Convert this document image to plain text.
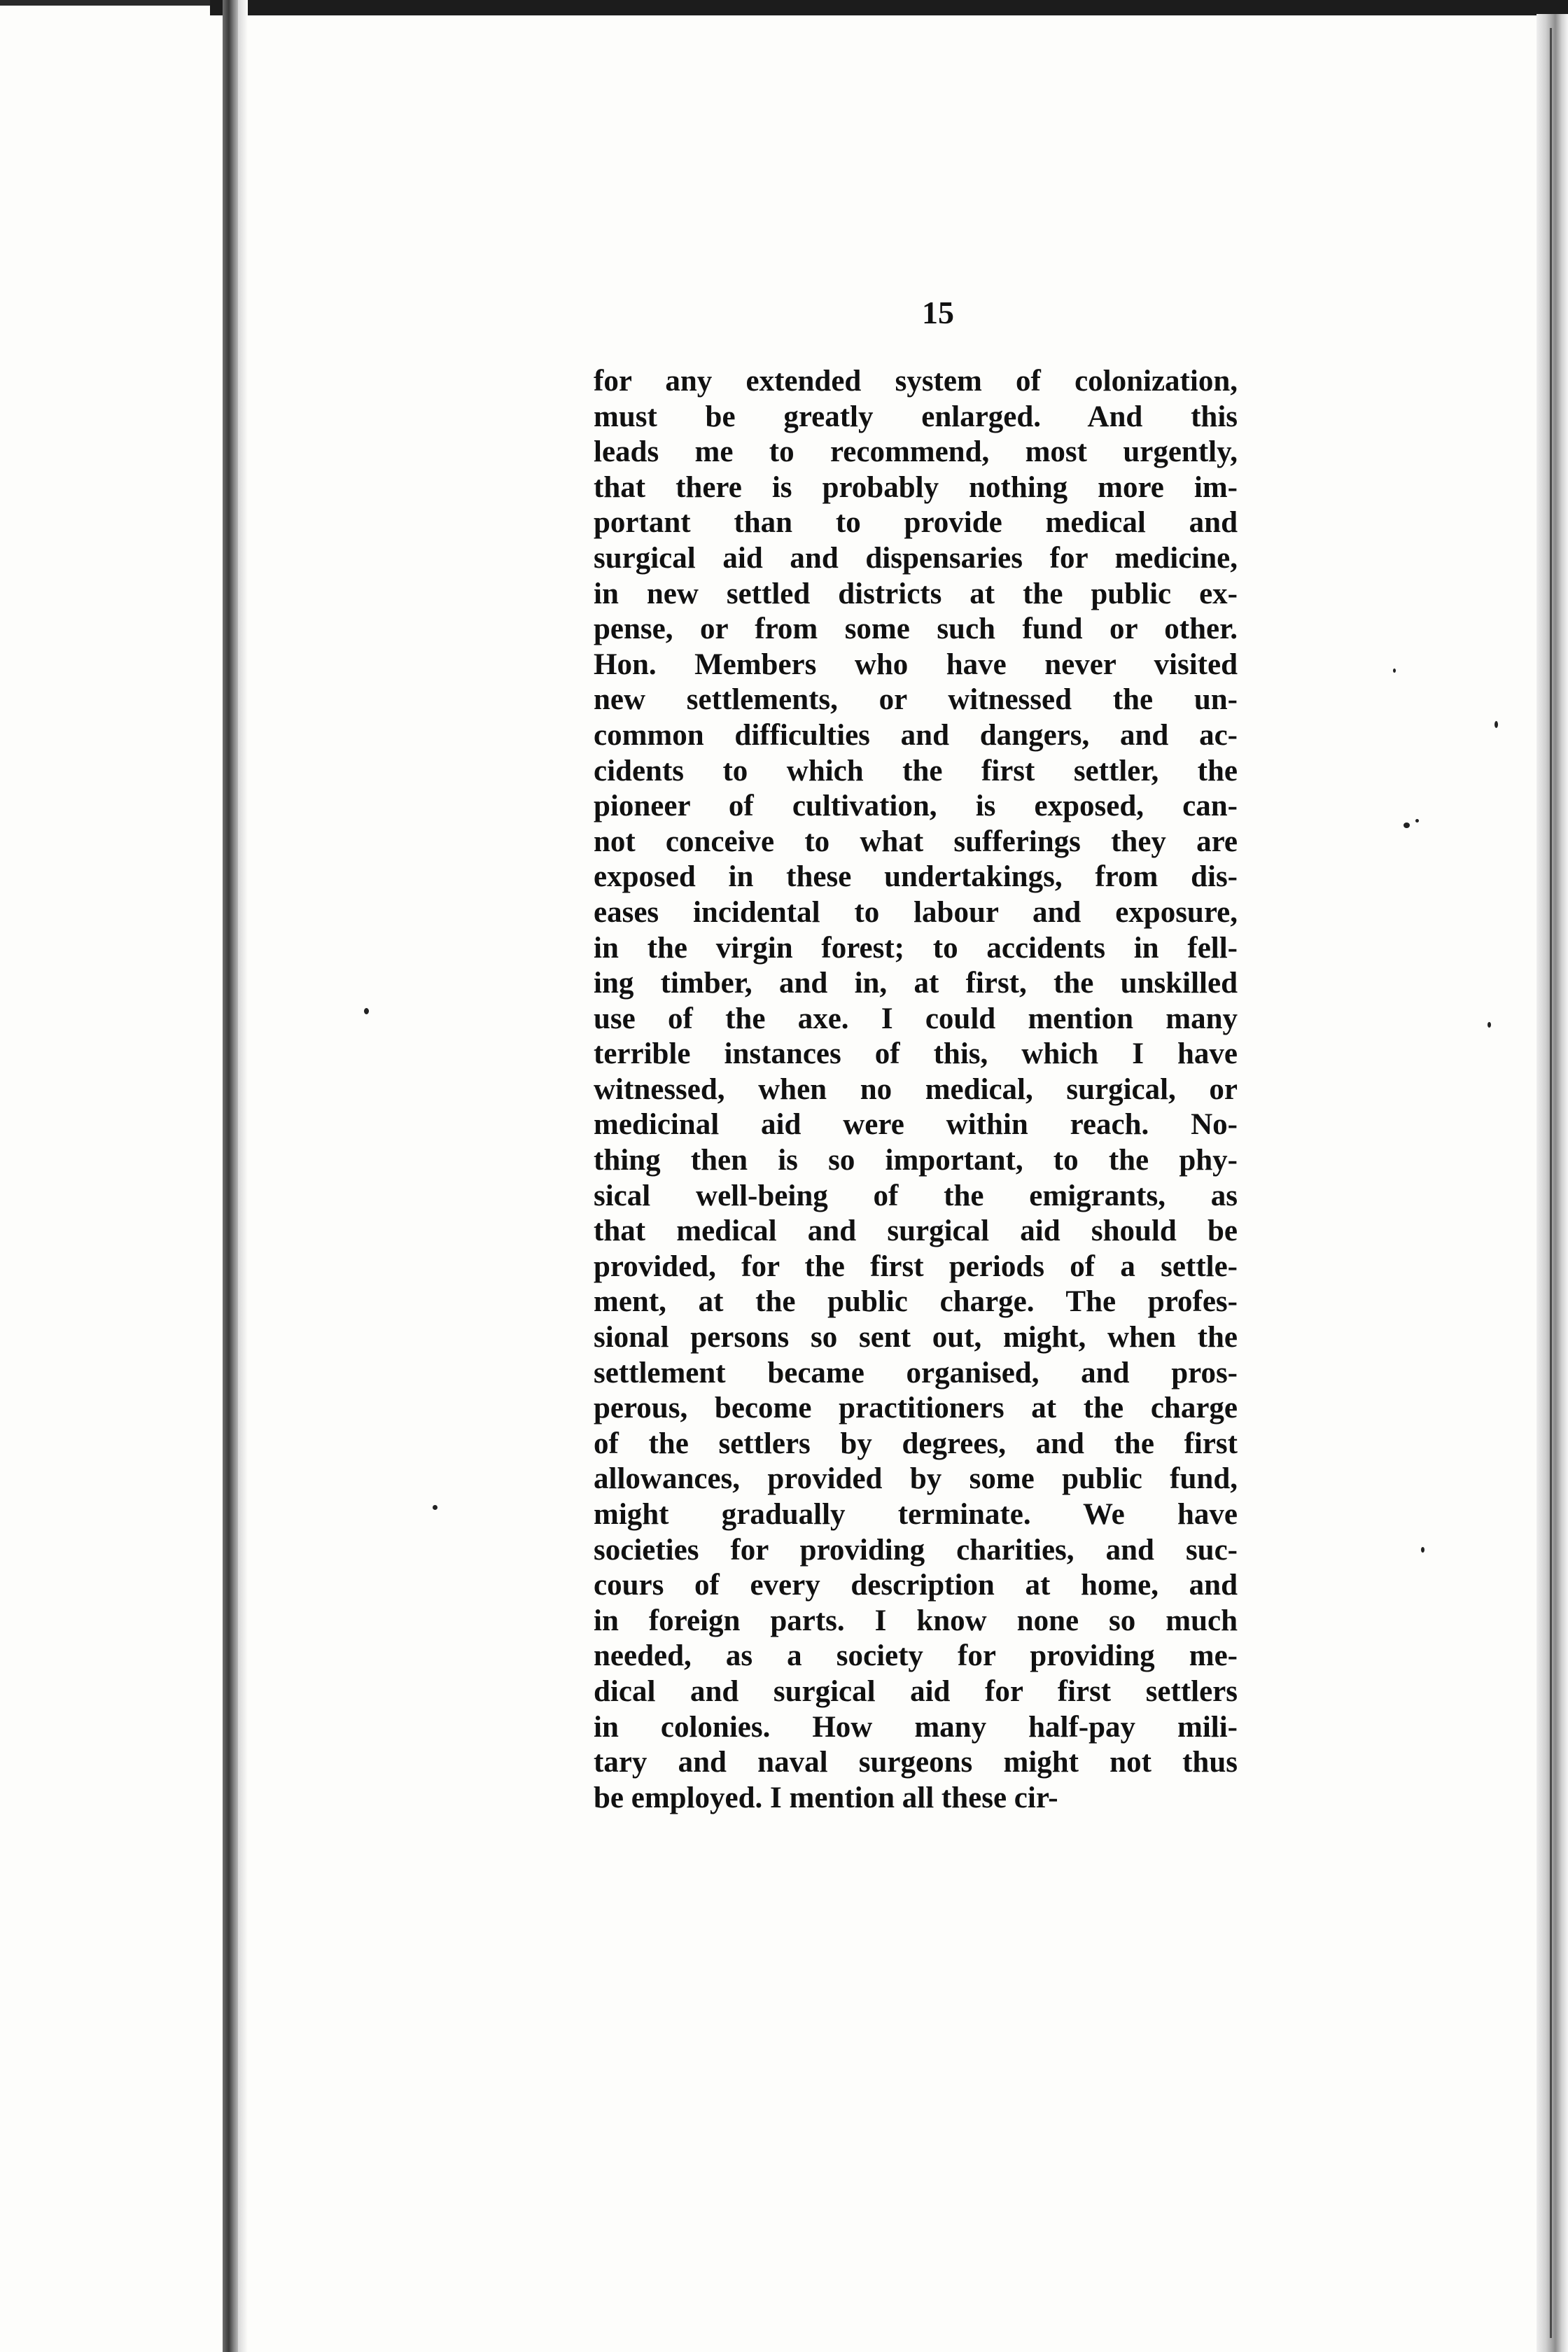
15
for any extended system of colonization,
must be greatly enlarged. And this
leads me to recommend, most urgently,
that there is probably nothing more im-
portant than to provide medical and
surgical aid and dispensaries for medicine,
in new settled districts at the public ex-
pense, or from some such fund or other.
Hon. Members who have never visited
new settlements, or witnessed the un-
common difficulties and dangers, and ac-
cidents to which the first settler, the
pioneer of cultivation, is exposed, can-
not conceive to what sufferings they are
exposed in these undertakings, from dis-
eases incidental to labour and exposure,
in the virgin forest; to accidents in fell-
ing timber, and in, at first, the unskilled
use of the axe. I could mention many
terrible instances of this, which I have
witnessed, when no medical, surgical, or
medicinal aid were within reach. No-
thing then is so important, to the phy-
sical well-being of the emigrants, as
that medical and surgical aid should be
provided, for the first periods of a settle-
ment, at the public charge. The profes-
sional persons so sent out, might, when the
settlement became organised, and pros-
perous, become practitioners at the charge
of the settlers by degrees, and the first
allowances, provided by some public fund,
might gradually terminate. We have
societies for providing charities, and suc-
cours of every description at home, and
in foreign parts. I know none so much
needed, as a society for providing me-
dical and surgical aid for first settlers
in colonies. How many half-pay mili-
tary and naval surgeons might not thus
be employed. I mention all these cir-
